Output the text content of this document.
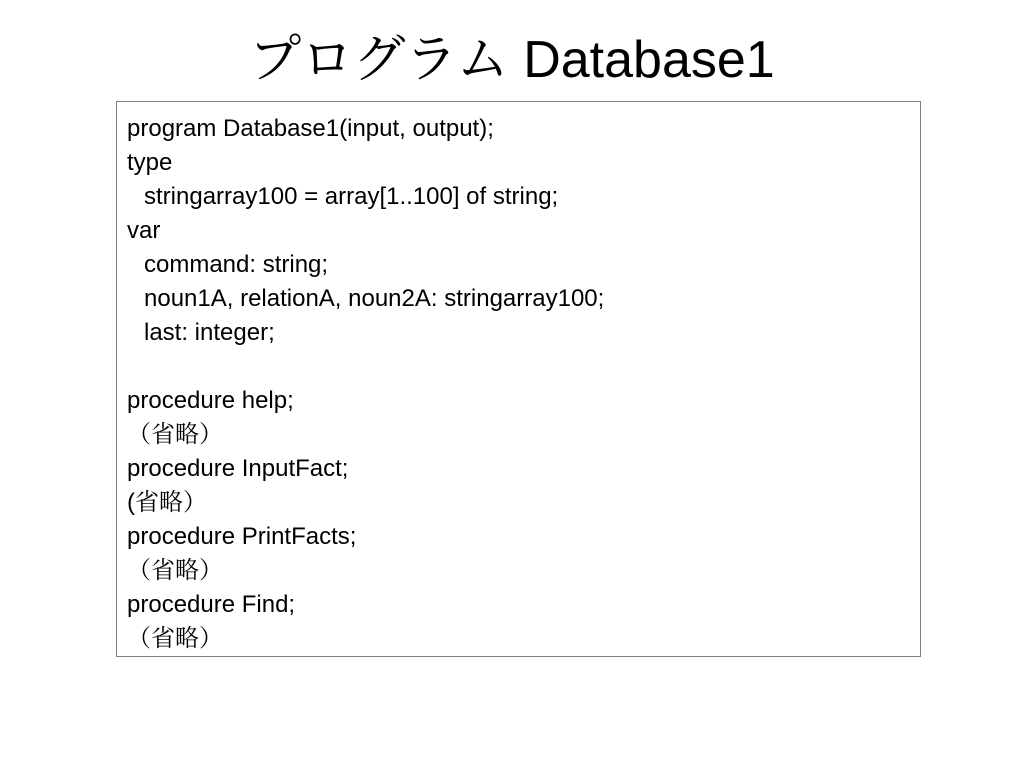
プログラム Database1
program Database1(input, output);
type
stringarray100 = array[1..100] of string;
var
command: string;
noun1A, relationA, noun2A: stringarray100;
last: integer;
procedure help;
（省略）
procedure InputFact;
(省略）
procedure PrintFacts;
（省略）
procedure Find;
（省略）
